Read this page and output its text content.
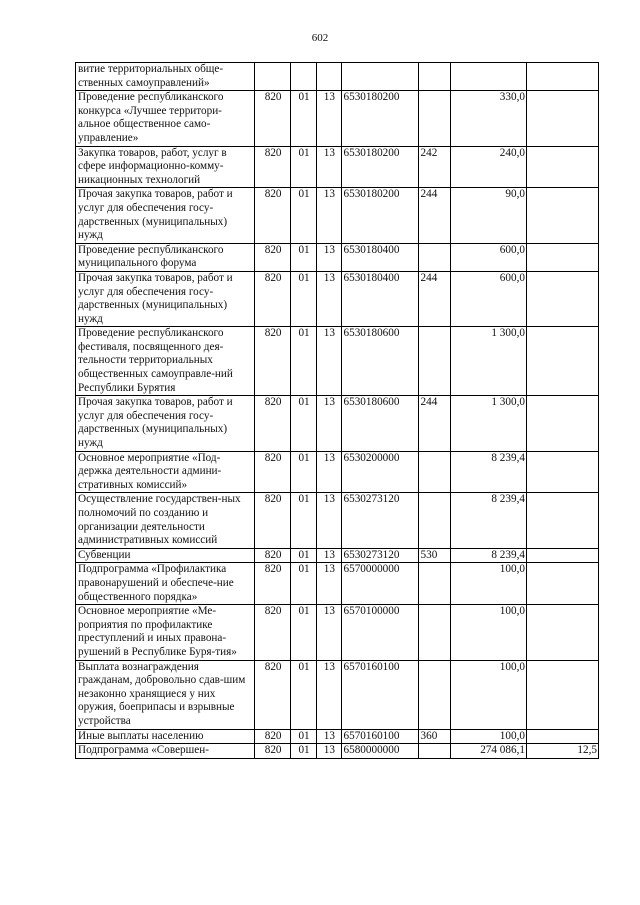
602
витие территориальных обще-
ственных самоуправлений»							
Проведение республиканского конкурса «Лучшее территори-альное общественное само-управление»	820	01	13	6530180200		330,0	
Закупка товаров, работ, услуг в сфере информационно-комму-никационных технологий	820	01	13	6530180200	242	240,0	
Прочая закупка товаров, работ и услуг для обеспечения госу-дарственных (муниципальных) нужд	820	01	13	6530180200	244	90,0	
Проведение республиканского муниципального форума	820	01	13	6530180400		600,0	
Прочая закупка товаров, работ и услуг для обеспечения госу-дарственных (муниципальных) нужд	820	01	13	6530180400	244	600,0	
Проведение республиканского фестиваля, посвященного дея-тельности территориальных общественных самоуправле-ний Республики Бурятия	820	01	13	6530180600		1 300,0	
Прочая закупка товаров, работ и услуг для обеспечения госу-дарственных (муниципальных) нужд	820	01	13	6530180600	244	1 300,0	
Основное мероприятие «Под-держка деятельности админи-стративных комиссий»	820	01	13	6530200000		8 239,4	
Осуществление государствен-ных полномочий по созданию и организации деятельности административных комиссий	820	01	13	6530273120		8 239,4	
Субвенции	820	01	13	6530273120	530	8 239,4	
Подпрограмма «Профилактика правонарушений и обеспече-ние общественного порядка»	820	01	13	6570000000		100,0	
Основное мероприятие «Ме-роприятия по профилактике преступлений и иных правона-рушений в Республике Буря-тия»	820	01	13	6570100000		100,0	
Выплата вознаграждения гражданам, добровольно сдав-шим незаконно хранящиеся у них оружия, боеприпасы и взрывные устройства	820	01	13	6570160100		100,0	
Иные выплаты населению	820	01	13	6570160100	360	100,0	
Подпрограмма «Совершен-	820	01	13	6580000000		274 086,1	12,5
